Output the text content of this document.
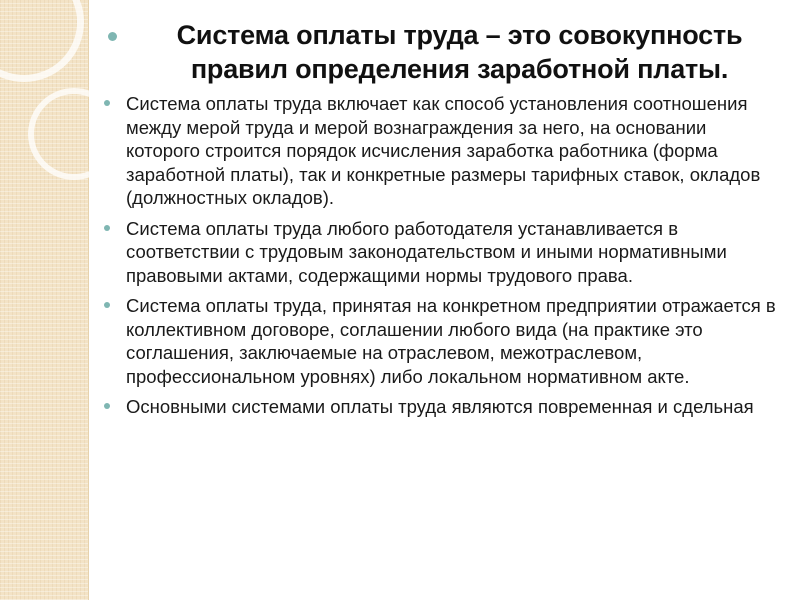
Система оплаты труда – это совокупность правил определения заработной платы.
Система оплаты труда включает как способ установления соотношения между мерой труда и мерой вознаграждения за него, на основании которого строится порядок исчисления заработка работника (форма заработной платы), так и конкретные размеры тарифных ставок, окладов (должностных окладов).
Система оплаты труда любого работодателя устанавливается в соответствии с трудовым законодательством и иными нормативными правовыми актами, содержащими нормы трудового права.
Система оплаты труда, принятая на конкретном предприятии отражается в коллективном договоре, соглашении любого вида (на практике это соглашения, заключаемые на отраслевом, межотраслевом, профессиональном уровнях) либо локальном нормативном акте.
Основными системами оплаты труда являются повременная и сдельная
